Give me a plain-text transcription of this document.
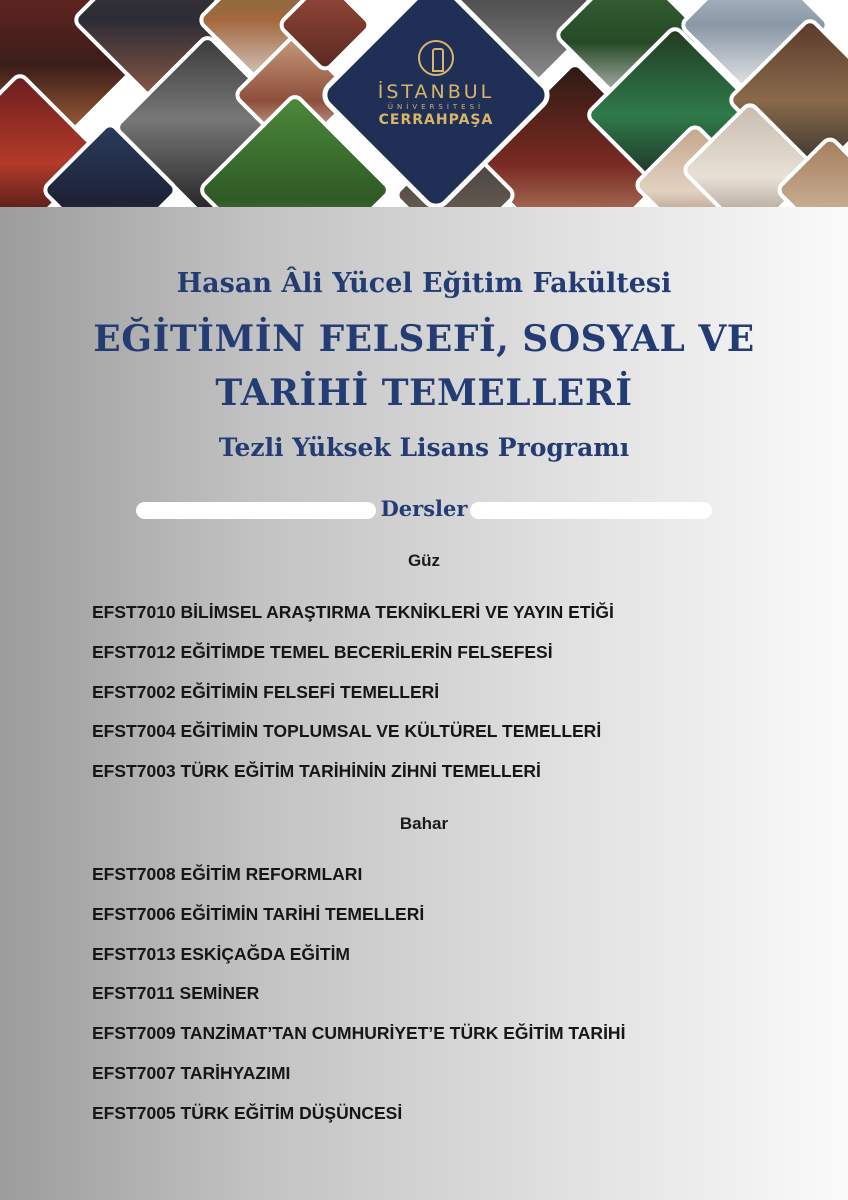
İSTANBUL
ÜNİVERSİTESİ
CERRAHPAŞA
Hasan Âli Yücel Eğitim Fakültesi
EĞİTİMİN FELSEFİ, SOSYAL VE
TARİHİ TEMELLERİ
Tezli Yüksek Lisans Programı
Dersler
Güz
EFST7010 BİLİMSEL ARAŞTIRMA TEKNİKLERİ VE YAYIN ETİĞİ
EFST7012 EĞİTİMDE TEMEL BECERİLERİN FELSEFESİ
EFST7002 EĞİTİMİN FELSEFİ TEMELLERİ
EFST7004 EĞİTİMİN TOPLUMSAL VE KÜLTÜREL TEMELLERİ
EFST7003 TÜRK EĞİTİM TARİHİNİN ZİHNİ TEMELLERİ
Bahar
EFST7008 EĞİTİM REFORMLARI
EFST7006 EĞİTİMİN TARİHİ TEMELLERİ
EFST7013 ESKİÇAĞDA EĞİTİM
EFST7011 SEMİNER
EFST7009 TANZİMAT’TAN CUMHURİYET’E TÜRK EĞİTİM TARİHİ
EFST7007 TARİHYAZIMI
EFST7005 TÜRK EĞİTİM DÜŞÜNCESİ
